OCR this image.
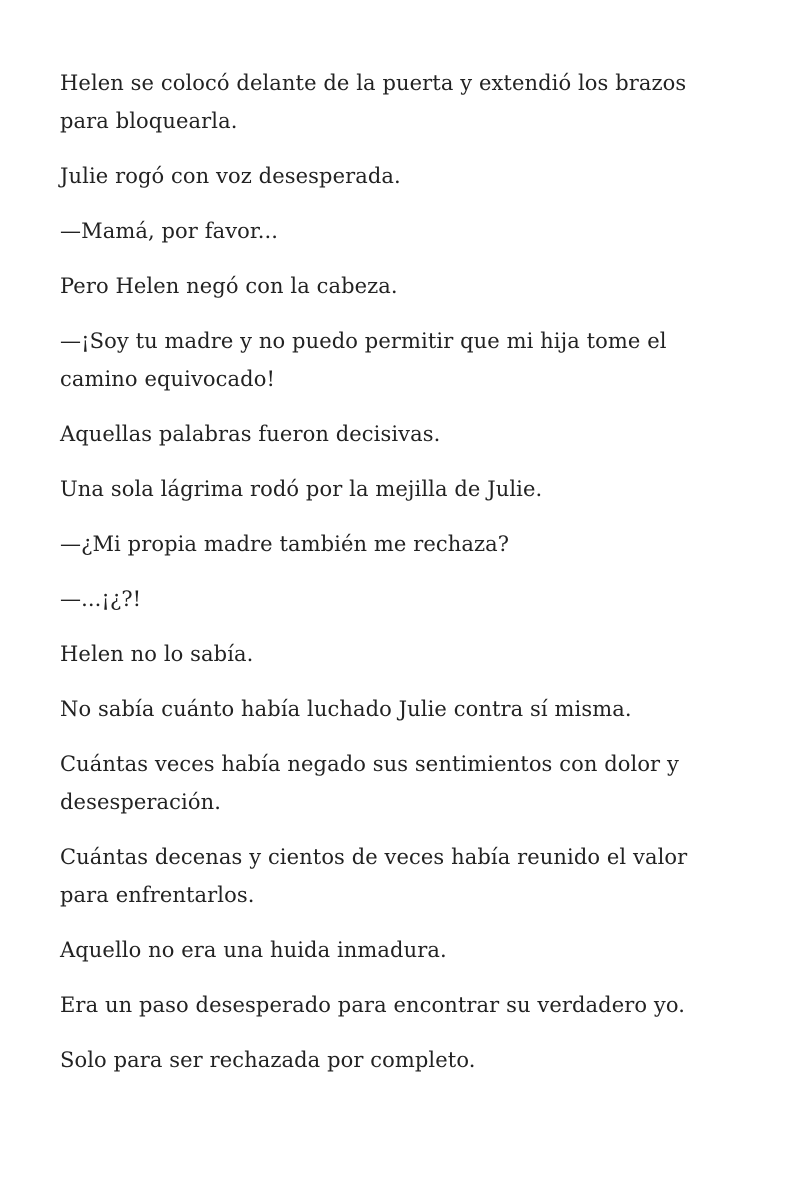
Helen se colocó delante de la puerta y extendió los brazos para bloquearla.

Julie rogó con voz desesperada.

—Mamá, por favor...

Pero Helen negó con la cabeza.

—¡Soy tu madre y no puedo permitir que mi hija tome el camino equivocado!

Aquellas palabras fueron decisivas.

Una sola lágrima rodó por la mejilla de Julie.

—¿Mi propia madre también me rechaza?

—...¡¿?!

Helen no lo sabía.

No sabía cuánto había luchado Julie contra sí misma.

Cuántas veces había negado sus sentimientos con dolor y desesperación.

Cuántas decenas y cientos de veces había reunido el valor para enfrentarlos.

Aquello no era una huida inmadura.

Era un paso desesperado para encontrar su verdadero yo.

Solo para ser rechazada por completo.
